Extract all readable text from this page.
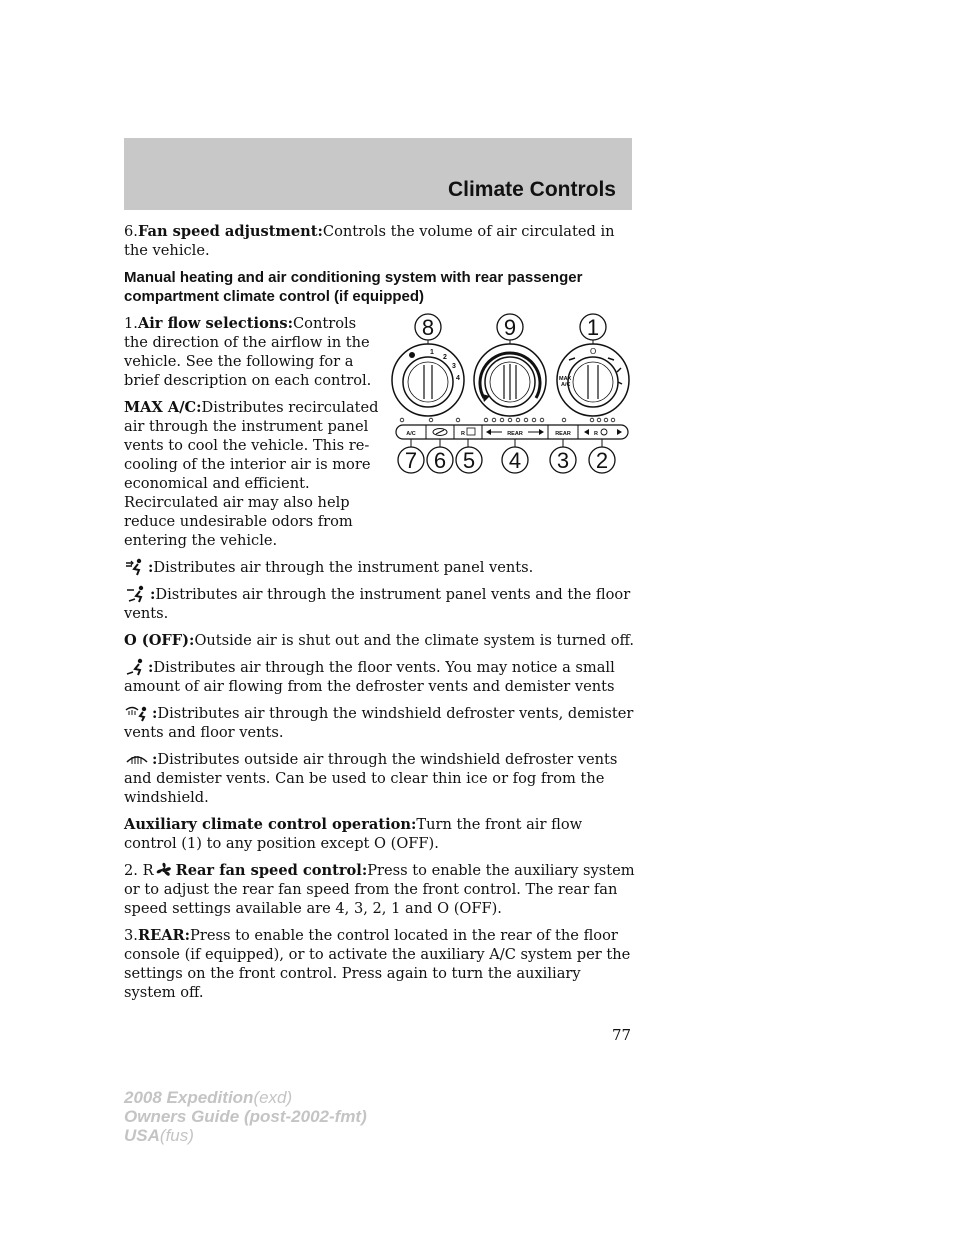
Climate Controls

6.Fan speed adjustment:Controls the volume of air circulated in the vehicle.

Manual heating and air conditioning system with rear passenger compartment climate control (if equipped)

1.Air flow selections:Controls the direction of the airflow in the vehicle. See the following for a brief description on each control.

MAX A/C:Distributes recirculated air through the instrument panel vents to cool the vehicle. This re-cooling of the interior air is more economical and efficient. Recirculated air may also help reduce undesirable odors from entering the vehicle.

:Distributes air through the instrument panel vents.

:Distributes air through the instrument panel vents and the floor vents.

O (OFF):Outside air is shut out and the climate system is turned off.

:Distributes air through the floor vents. You may notice a small amount of air flowing from the defroster vents and demister vents

:Distributes air through the windshield defroster vents, demister vents and floor vents.

:Distributes outside air through the windshield defroster vents and demister vents. Can be used to clear thin ice or fog from the windshield.

Auxiliary climate control operation:Turn the front air flow control (1) to any position except O (OFF).

2. R Rear fan speed control:Press to enable the auxiliary system or to adjust the rear fan speed from the front control. The rear fan speed settings available are 4, 3, 2, 1 and O (OFF).

3.REAR:Press to enable the control located in the rear of the floor console (if equipped), or to activate the auxiliary A/C system per the settings on the front control. Press again to turn the auxiliary system off.

8	9	1
1
2
3
4
O
MAX
A/C
A/C	R	REAR	REAR	R
7 6 5 4 3 2
77
2008 Expedition(exd)
Owners Guide (post-2002-fmt)
USA(fus)
